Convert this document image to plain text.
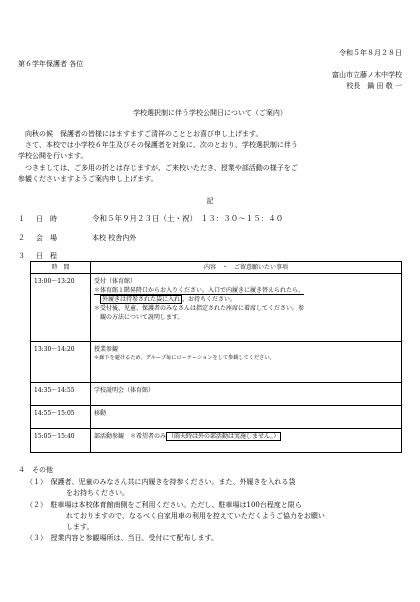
令和５年８月２８日
第６学年保護者 各位
富山市立藤ノ木中学校
校長　鍋 田 敬 一
学校選択制に伴う学校公開日について（ご案内）
　向秋の候　保護者の皆様にはますますご清祥のこととお喜び申し上げます。
　さて、本校では小学校６年生及びその保護者を対象に、次のとおり、学校選択制に伴う
学校公開を行います。
　つきましては、ご多用の折とは存じますが、ご来校いただき、授業や部活動の様子をご
参観くださいますようご案内申し上げます。
記
１ 日　時	令和５年９月２３日（土・祝）　１３：３０〜１５：４０
２ 会　場	本校 校舎内外
３ 日　程
時　間	内容　・　ご留意願いたい事項
13:00〜13:20	受付（体育館）
＊体育館１階昇降口からお入りください。入口で内履きに履き替えられたら、
外履きは持参された袋に入れ 、お持ちください。
＊受付後、児童、保護者のみなさんは指定された座席に着席してください。参
観の方法について説明します。

13:30〜14:20	授業参観
＊廊下を避けるため、グループ毎にローテーションをして参観してください。

14:35〜14:55	学校説明会（体育館）

14:55〜15:05	移動

15:05〜15:40	部活動参観　 ＊希望者のみ （雨天時は外の部活動は実施しません。）
４　その他
（１）　保護者、児童のみなさん共に内履きを持参ください。また、外履きを入れる袋
をお持ちください。
（２）　駐車場は本校体育館南側をご利用ください。ただし、駐車場は100台程度と限ら
れておりますので、なるべく自家用車の利用を控えていただくようご協力をお願い
します。
（３）　授業内容と参観場所は、当日、受付にて配布します。
